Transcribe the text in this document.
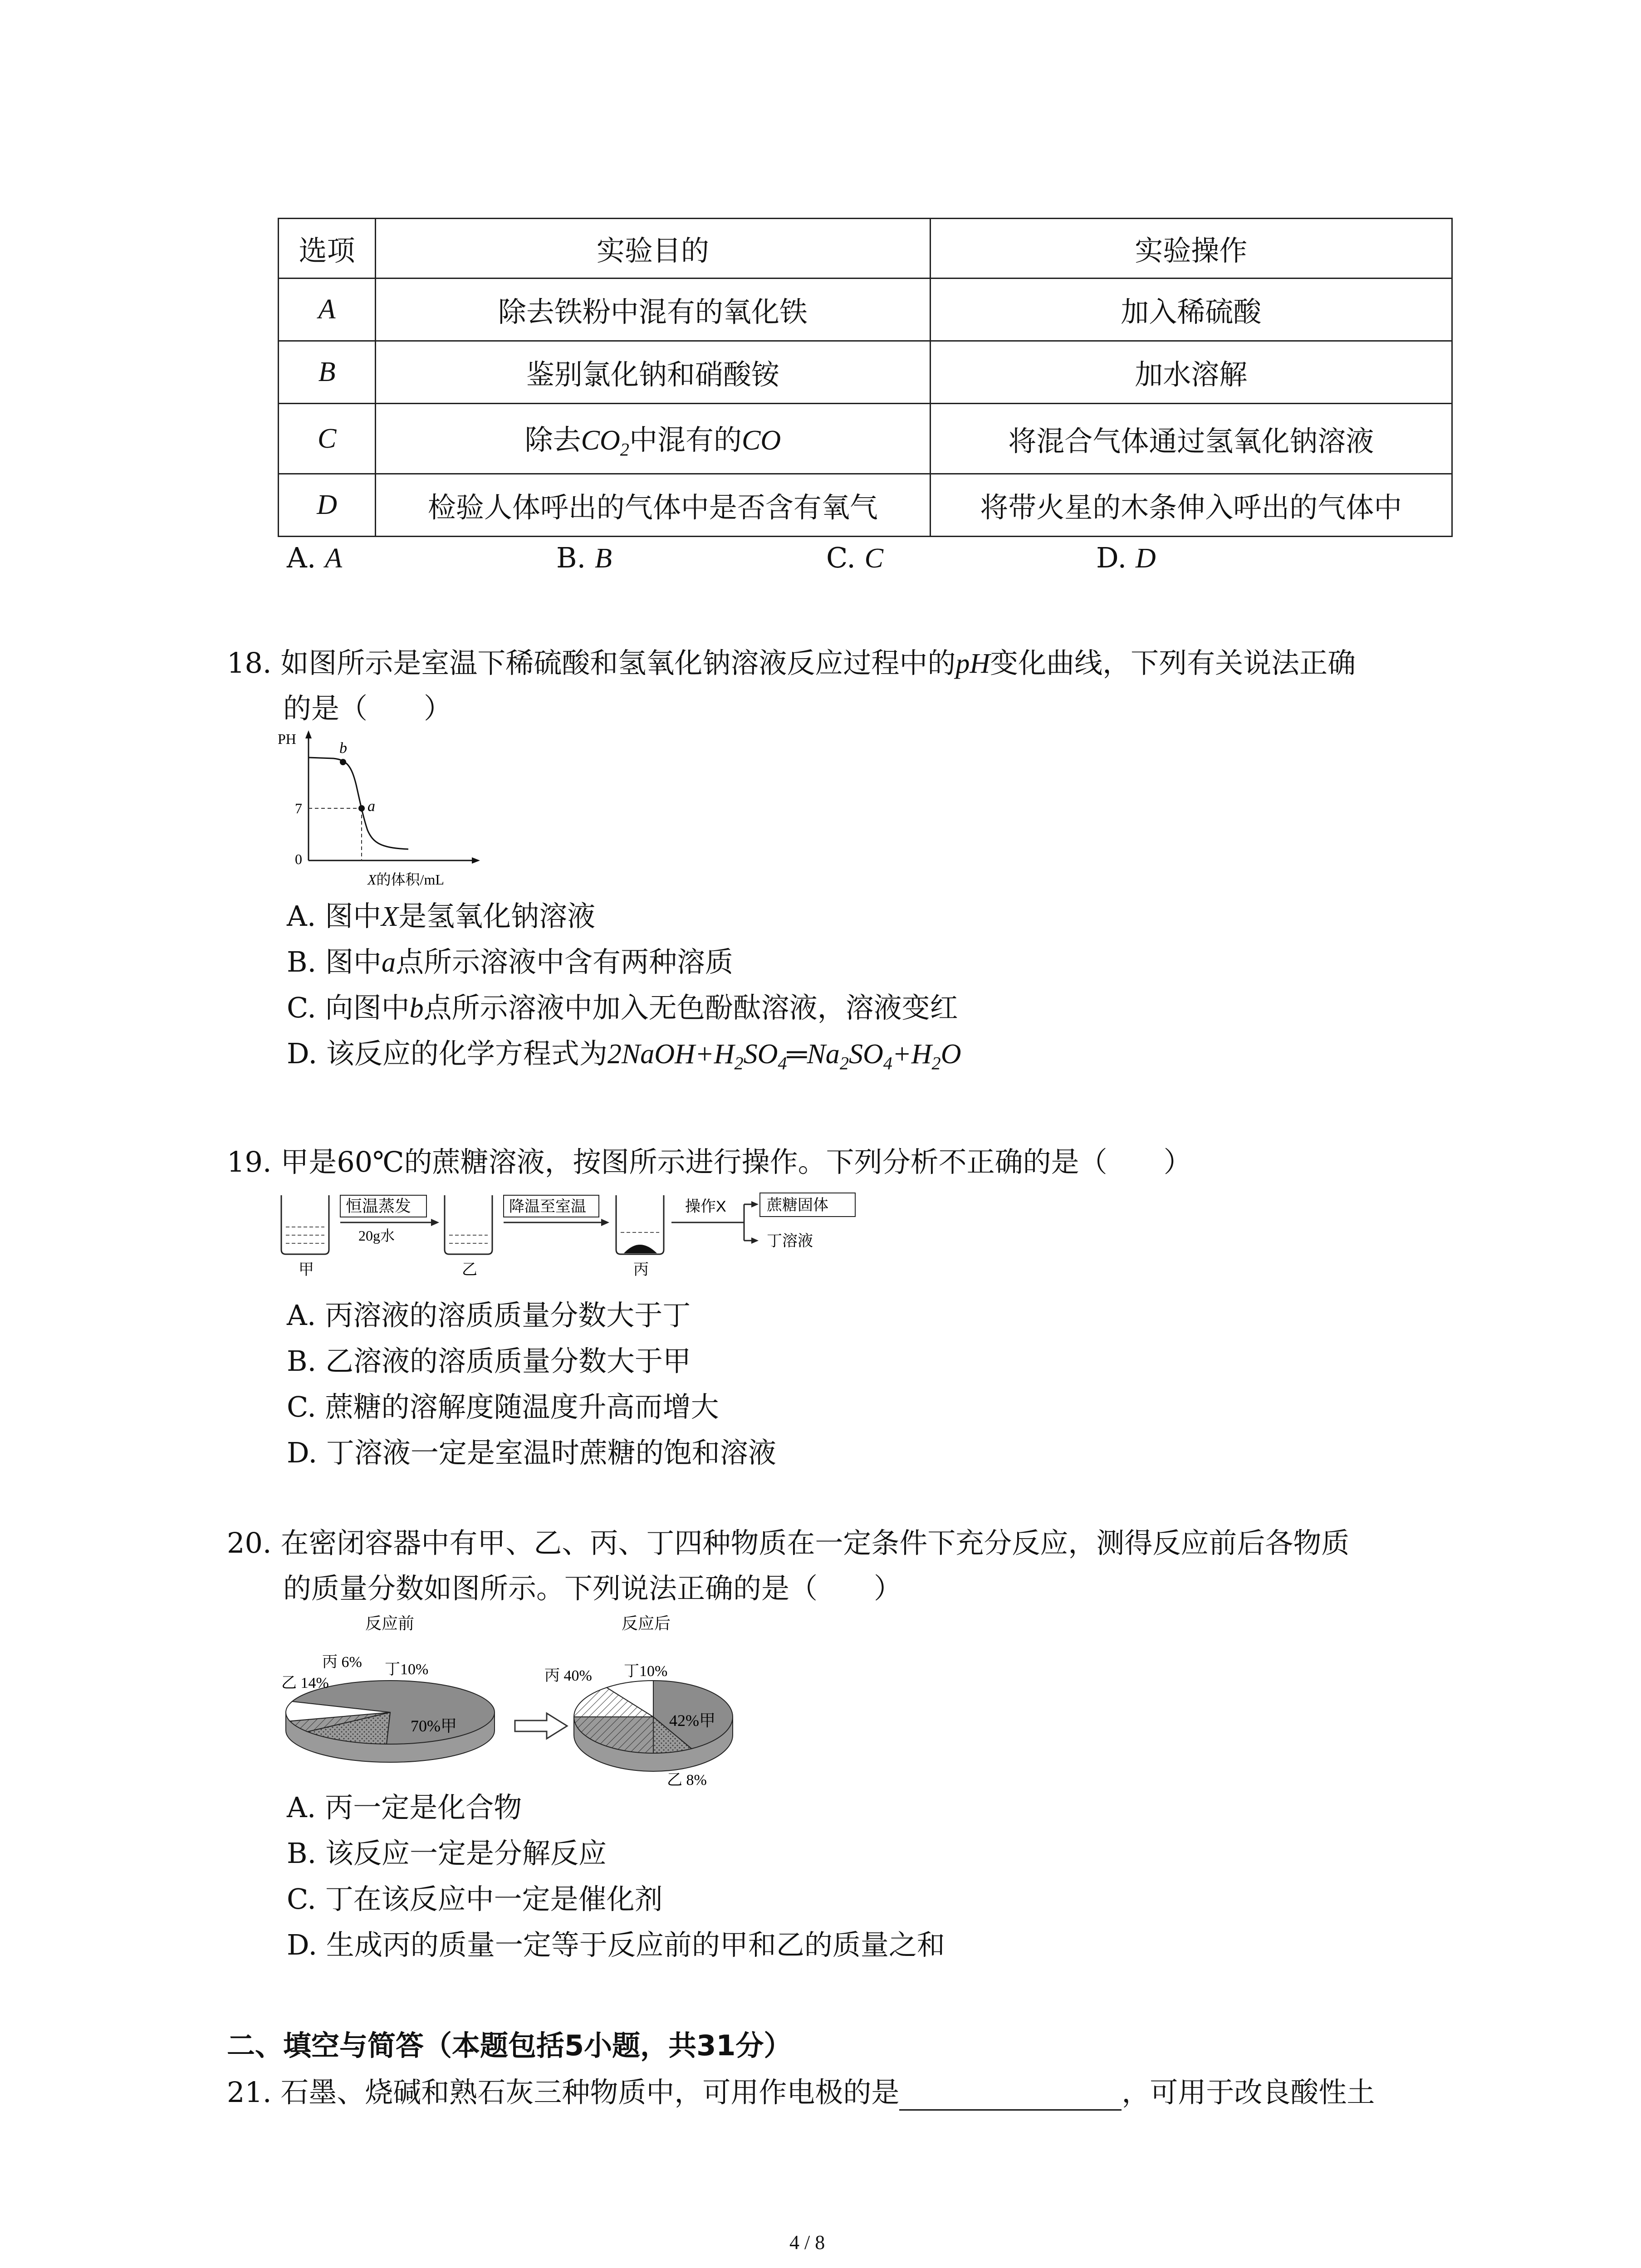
选项	实验目的	实验操作
A	除去铁粉中混有的氧化铁	加入稀硫酸
B	鉴别氯化钠和硝酸铵	加水溶解
C	除去$CO_2$中混有的CO	将混合气体通过氢氧化钠溶液
D	检验人体呼出的气体中是否含有氧气	将带火星的木条伸入呼出的气体中
A. A	B. B	C. C	D. D
18. 如图所示是室温下稀硫酸和氢氧化钠溶液反应过程中的pH变化曲线，下列有关说法正确
的是（　　）
PH
7
0
b
a
X的体积/mL
A. 图中X是氢氧化钠溶液
B. 图中a点所示溶液中含有两种溶质
C. 向图中b点所示溶液中加入无色酚酞溶液，溶液变红
D. 该反应的化学方程式为$2NaOH+H_2SO_4═Na_2SO_4+H_2O$
19. 甲是60℃的蔗糖溶液，按图所示进行操作。下列分析不正确的是（　　）
甲
恒温蒸发
20g水
乙
降温至室温
丙
操作X	蔗糖固体
丁溶液
A. 丙溶液的溶质质量分数大于丁
B. 乙溶液的溶质质量分数大于甲
C. 蔗糖的溶解度随温度升高而增大
D. 丁溶液一定是室温时蔗糖的饱和溶液
20. 在密闭容器中有甲、乙、丙、丁四种物质在一定条件下充分反应，测得反应前后各物质
的质量分数如图所示。下列说法正确的是（　　）
反应前	反应后
丙 6% 丁10%
乙 14%
70%甲
丙 40% 丁10%
42%甲
乙 8%
A. 丙一定是化合物
B. 该反应一定是分解反应
C. 丁在该反应中一定是催化剂
D. 生成丙的质量一定等于反应前的甲和乙的质量之和
二、填空与简答（本题包括5小题，共31分）
21. 石墨、烧碱和熟石灰三种物质中，可用作电极的是	，可用于改良酸性土
4 / 8
